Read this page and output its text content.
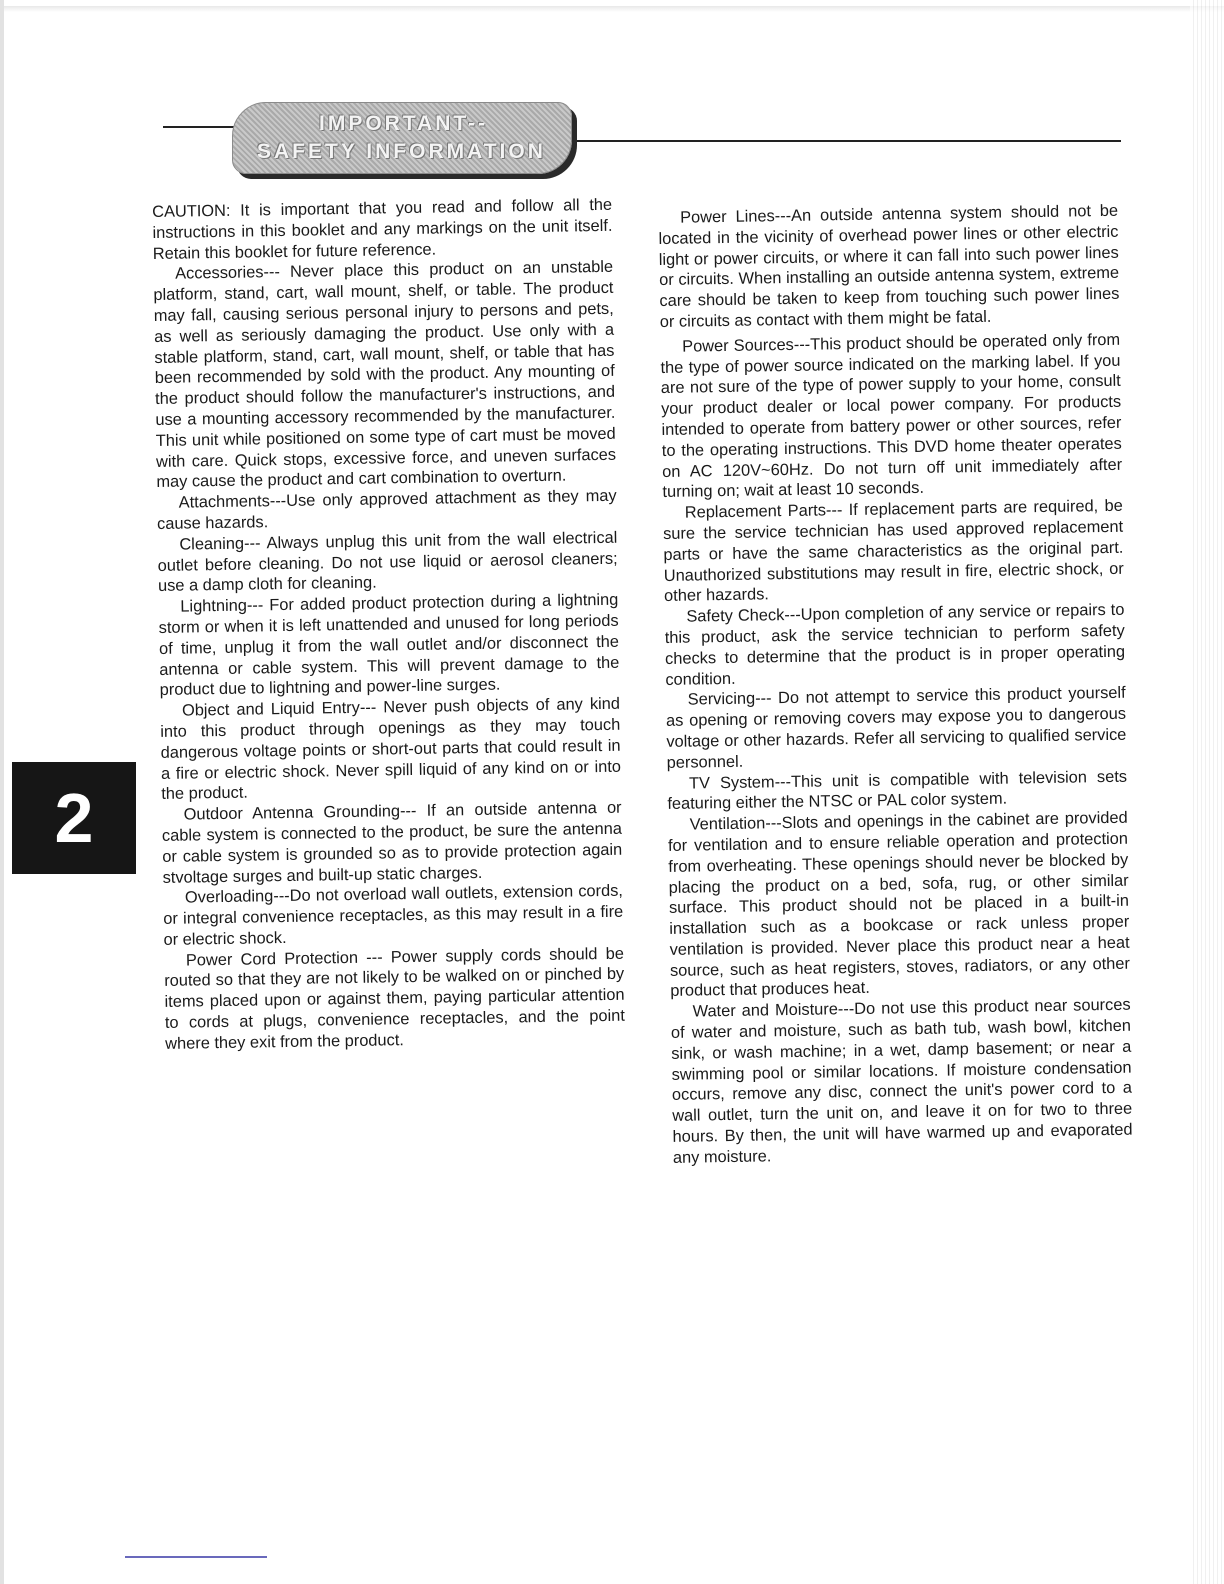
IMPORTANT--

SAFETY INFORMATION

2

CAUTION: It is important that you read and follow all the instructions in this booklet and any markings on the unit itself. Retain this booklet for future reference.

Accessories--- Never place this product on an unstable platform, stand, cart, wall mount, shelf, or table. The product may fall, causing serious personal injury to persons and pets, as well as seriously damaging the product. Use only with a stable platform, stand, cart, wall mount, shelf, or table that has been recommended by sold with the product. Any mounting of the product should follow the manufacturer's instructions, and use a mounting accessory recommended by the manufacturer. This unit while positioned on some type of cart must be moved with care. Quick stops, excessive force, and uneven surfaces may cause the product and cart combination to overturn.

Attachments---Use only approved attachment as they may cause hazards.

Cleaning--- Always unplug this unit from the wall electrical outlet before cleaning. Do not use liquid or aerosol cleaners; use a damp cloth for cleaning.

Lightning--- For added product protection during a lightning storm or when it is left unattended and unused for long periods of time, unplug it from the wall outlet and/or disconnect the antenna or cable system. This will prevent damage to the product due to lightning and power-line surges.

Object and Liquid Entry--- Never push objects of any kind into this product through openings as they may touch dangerous voltage points or short-out parts that could result in a fire or electric shock. Never spill liquid of any kind on or into the product.

Outdoor Antenna Grounding--- If an outside antenna or cable system is connected to the product, be sure the antenna or cable system is grounded so as to provide protection again stvoltage surges and built-up static charges.

Overloading---Do not overload wall outlets, extension cords, or integral convenience receptacles, as this may result in a fire or electric shock.

Power Cord Protection --- Power supply cords should be routed so that they are not likely to be walked on or pinched by items placed upon or against them, paying particular attention to cords at plugs, convenience receptacles, and the point where they exit from the product.

Power Lines---An outside antenna system should not be located in the vicinity of overhead power lines or other electric light or power circuits, or where it can fall into such power lines or circuits. When installing an outside antenna system, extreme care should be taken to keep from touching such power lines or circuits as contact with them might be fatal.

Power Sources---This product should be operated only from the type of power source indicated on the marking label. If you are not sure of the type of power supply to your home, consult your product dealer or local power company. For products intended to operate from battery power or other sources, refer to the operating instructions. This DVD home theater operates on AC 120V~60Hz. Do not turn off unit immediately after turning on; wait at least 10 seconds.

Replacement Parts--- If replacement parts are required, be sure the service technician has used approved replacement parts or have the same characteristics as the original part. Unauthorized substitutions may result in fire, electric shock, or other hazards.

Safety Check---Upon completion of any service or repairs to this product, ask the service technician to perform safety checks to determine that the product is in proper operating condition.

Servicing--- Do not attempt to service this product yourself as opening or removing covers may expose you to dangerous voltage or other hazards. Refer all servicing to qualified service personnel.

TV System---This unit is compatible with television sets featuring either the NTSC or PAL color system.

Ventilation---Slots and openings in the cabinet are provided for ventilation and to ensure reliable operation and protection from overheating. These openings should never be blocked by placing the product on a bed, sofa, rug, or other similar surface. This product should not be placed in a built-in installation such as a bookcase or rack unless proper ventilation is provided. Never place this product near a heat source, such as heat registers, stoves, radiators, or any other product that produces heat.

Water and Moisture---Do not use this product near sources of water and moisture, such as bath tub, wash bowl, kitchen sink, or wash machine; in a wet, damp basement; or near a swimming pool or similar locations. If moisture condensation occurs, remove any disc, connect the unit's power cord to a wall outlet, turn the unit on, and leave it on for two to three hours. By then, the unit will have warmed up and evaporated any moisture.
